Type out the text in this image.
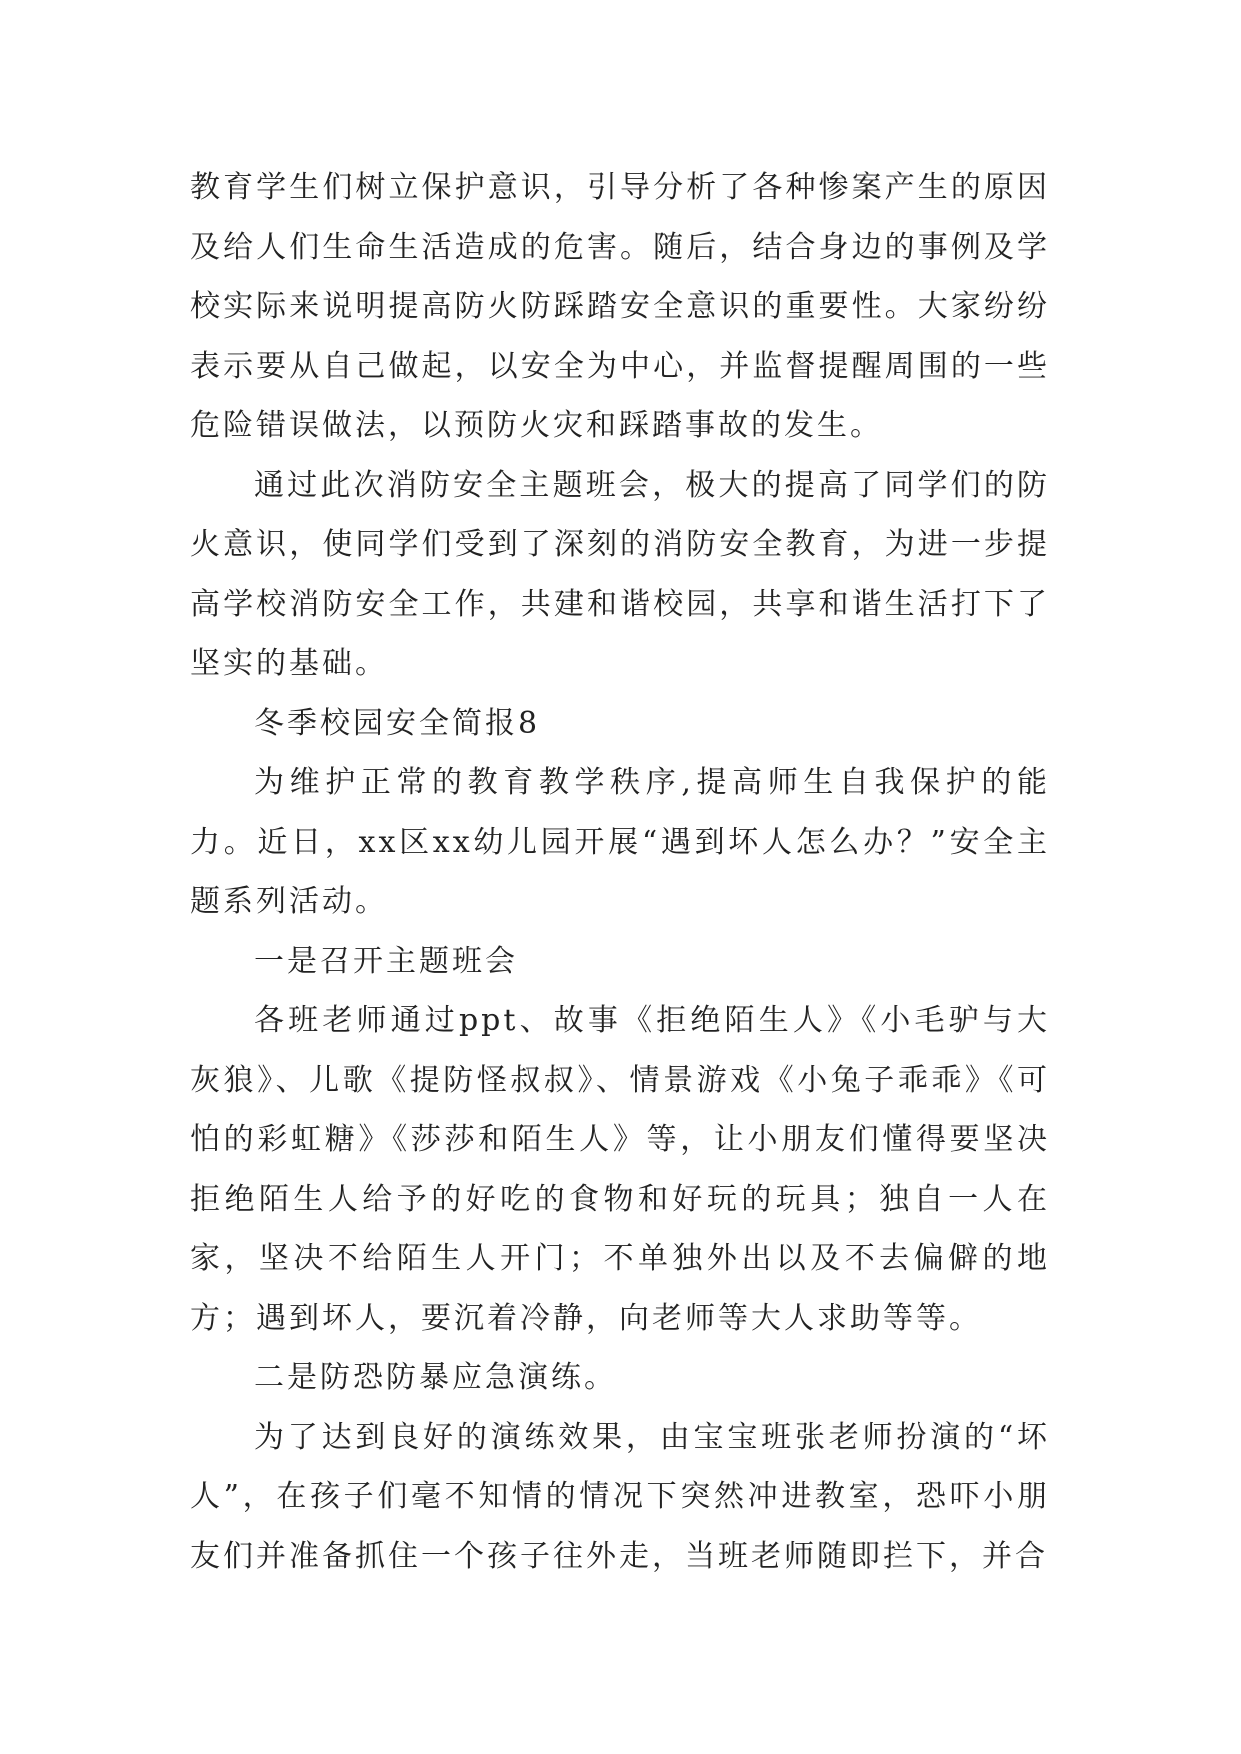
教育学生们树立保护意识，引导分析了各种惨案产生的原因及给人们生命生活造成的危害。随后，结合身边的事例及学校实际来说明提高防火防踩踏安全意识的重要性。大家纷纷表示要从自己做起，以安全为中心，并监督提醒周围的一些危险错误做法，以预防火灾和踩踏事故的发生。

通过此次消防安全主题班会，极大的提高了同学们的防火意识，使同学们受到了深刻的消防安全教育，为进一步提高学校消防安全工作，共建和谐校园，共享和谐生活打下了坚实的基础。

冬季校园安全简报8

为维护正常的教育教学秩序,提高师生自我保护的能力。近日，xx区xx幼儿园开展“遇到坏人怎么办？”安全主题系列活动。

一是召开主题班会

各班老师通过ppt、故事《拒绝陌生人》《小毛驴与大灰狼》、儿歌《提防怪叔叔》、情景游戏《小兔子乖乖》《可怕的彩虹糖》《莎莎和陌生人》等，让小朋友们懂得要坚决拒绝陌生人给予的好吃的食物和好玩的玩具；独自一人在家，坚决不给陌生人开门；不单独外出以及不去偏僻的地方；遇到坏人，要沉着冷静，向老师等大人求助等等。

二是防恐防暴应急演练。

为了达到良好的演练效果，由宝宝班张老师扮演的“坏人”，在孩子们毫不知情的情况下突然冲进教室，恐吓小朋友们并准备抓住一个孩子往外走，当班老师随即拦下，并合
